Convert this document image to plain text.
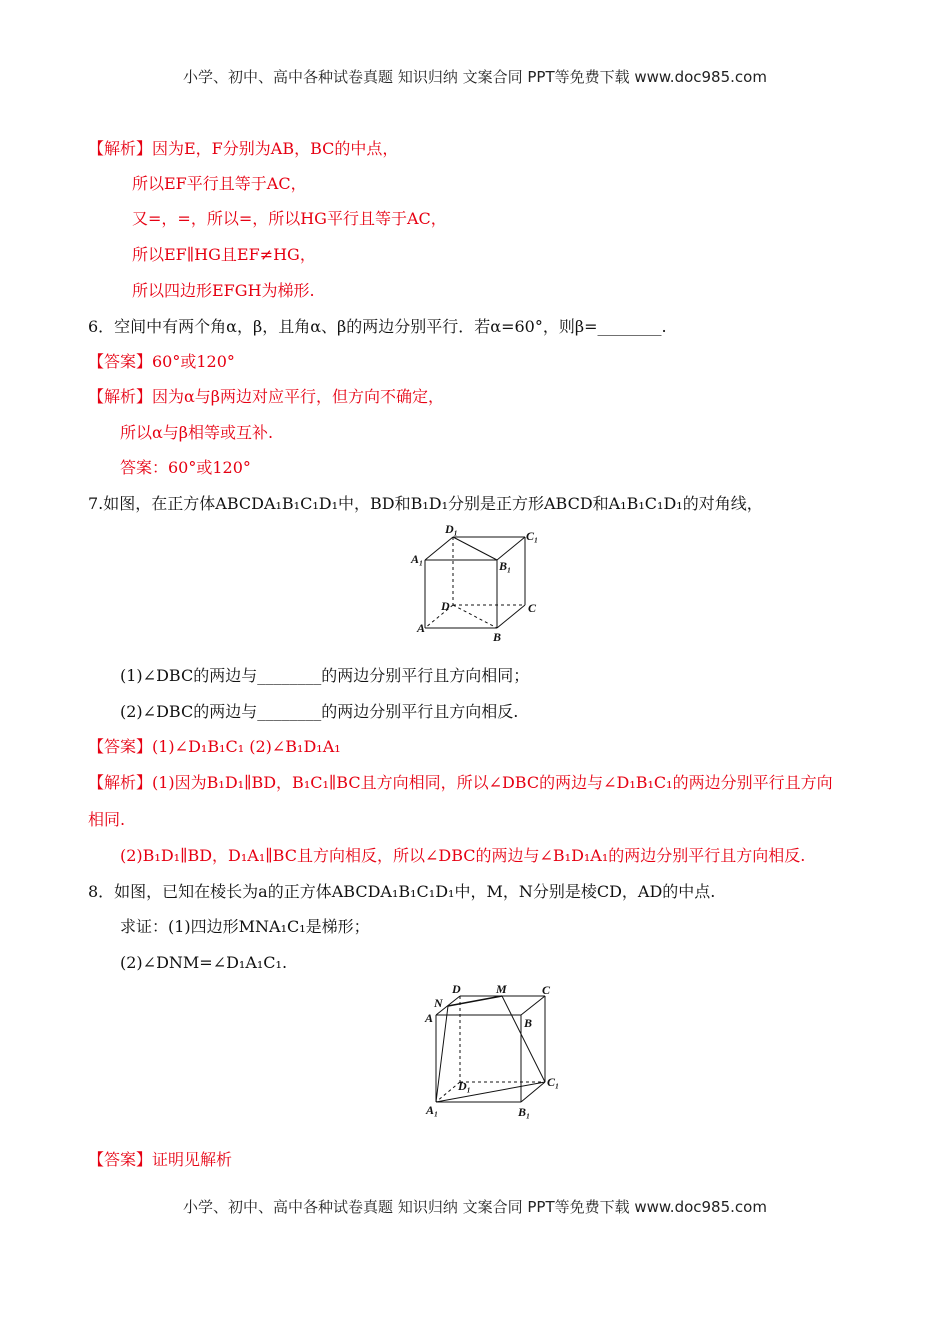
小学、初中、高中各种试卷真题 知识归纳 文案合同 PPT等免费下载 www.doc985.com
【解析】因为E，F分别为AB，BC的中点，
所以EF平行且等于AC，
又=，=，所以=，所以HG平行且等于AC，
所以EF∥HG且EF≠HG，
所以四边形EFGH为梯形.
6．空间中有两个角α，β，且角α、β的两边分别平行．若α=60°，则β=________.
【答案】60°或120°
【解析】因为α与β两边对应平行，但方向不确定，
所以α与β相等或互补.
答案：60°或120°
7.如图，在正方体ABCDA₁B₁C₁D₁中，BD和B₁D₁分别是正方形ABCD和A₁B₁C₁D₁的对角线，
D₁	C₁
A₁	B₁
D	C
A
B
(1)∠DBC的两边与________的两边分别平行且方向相同；
(2)∠DBC的两边与________的两边分别平行且方向相反.
【答案】(1)∠D₁B₁C₁ (2)∠B₁D₁A₁
【解析】(1)因为B₁D₁∥BD，B₁C₁∥BC且方向相同，所以∠DBC的两边与∠D₁B₁C₁的两边分别平行且方向
相同.
(2)B₁D₁∥BD，D₁A₁∥BC且方向相反，所以∠DBC的两边与∠B₁D₁A₁的两边分别平行且方向相反.
8．如图，已知在棱长为a的正方体ABCDA₁B₁C₁D₁中，M，N分别是棱CD，AD的中点.
求证：(1)四边形MNA₁C₁是梯形；
(2)∠DNM=∠D₁A₁C₁.
D	M	C
N
A	B
D₁	C₁
A₁	B₁
【答案】证明见解析
小学、初中、高中各种试卷真题 知识归纳 文案合同 PPT等免费下载 www.doc985.com
